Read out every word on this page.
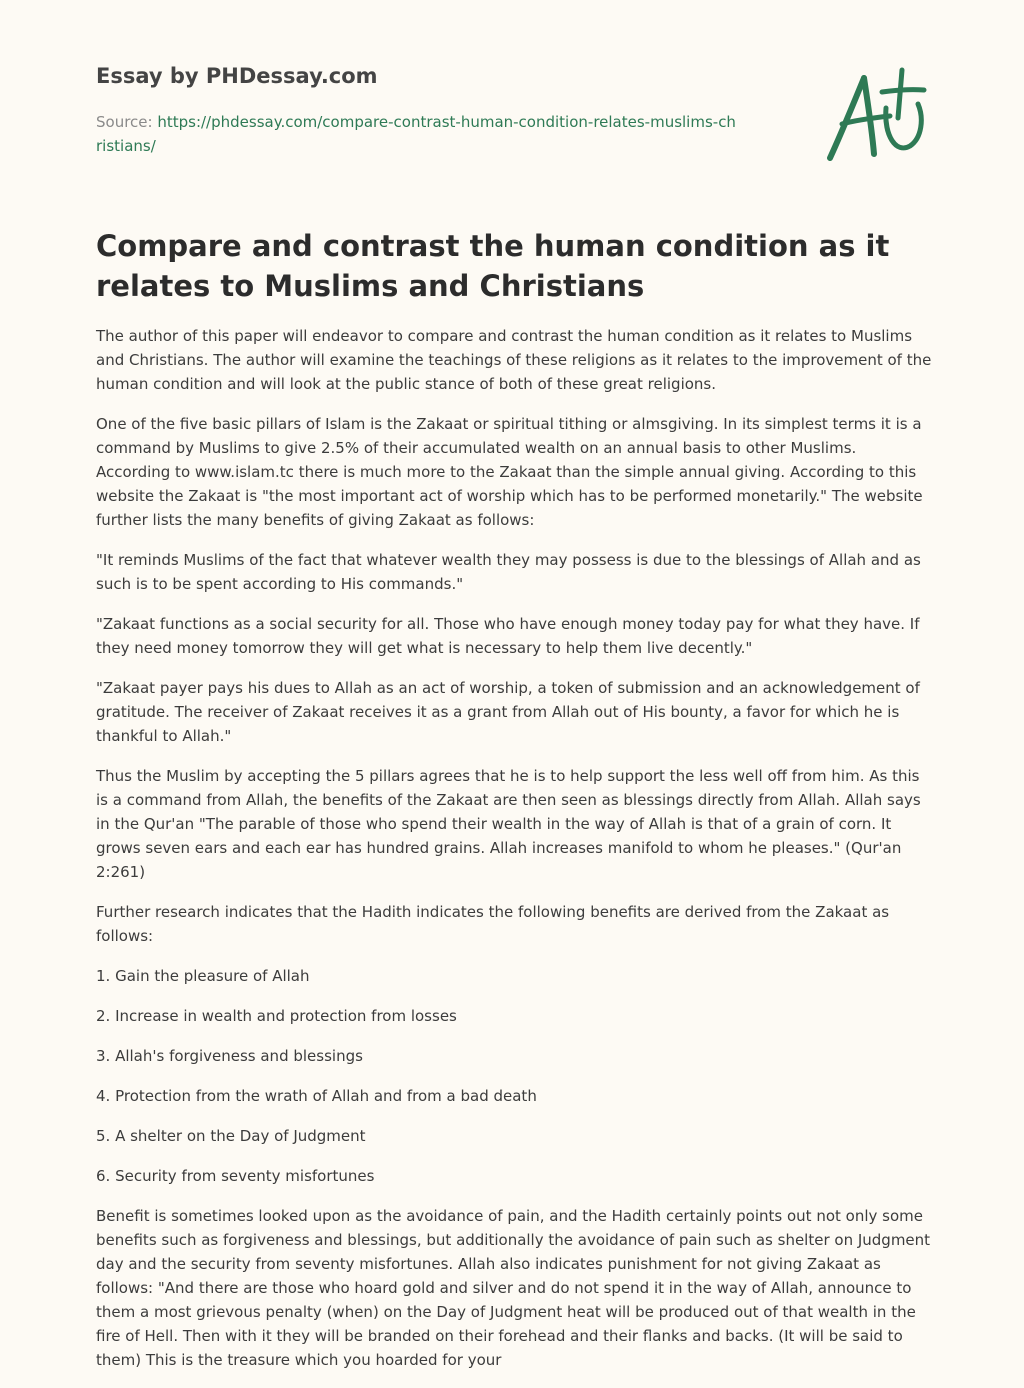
Essay by PHDessay.com

Source: https://phdessay.com/compare-contrast-human-condition-relates-muslims-christians/

Compare and contrast the human condition as it relates to Muslims and Christians

The author of this paper will endeavor to compare and contrast the human condition as it relates to Muslims and Christians. The author will examine the teachings of these religions as it relates to the improvement of the human condition and will look at the public stance of both of these great religions.

One of the five basic pillars of Islam is the Zakaat or spiritual tithing or almsgiving. In its simplest terms it is a command by Muslims to give 2.5% of their accumulated wealth on an annual basis to other Muslims. According to www.islam.tc there is much more to the Zakaat than the simple annual giving. According to this website the Zakaat is "the most important act of worship which has to be performed monetarily." The website further lists the many benefits of giving Zakaat as follows:

"It reminds Muslims of the fact that whatever wealth they may possess is due to the blessings of Allah and as such is to be spent according to His commands."

"Zakaat functions as a social security for all. Those who have enough money today pay for what they have. If they need money tomorrow they will get what is necessary to help them live decently."

"Zakaat payer pays his dues to Allah as an act of worship, a token of submission and an acknowledgement of gratitude. The receiver of Zakaat receives it as a grant from Allah out of His bounty, a favor for which he is thankful to Allah."

Thus the Muslim by accepting the 5 pillars agrees that he is to help support the less well off from him. As this is a command from Allah, the benefits of the Zakaat are then seen as blessings directly from Allah. Allah says in the Qur'an "The parable of those who spend their wealth in the way of Allah is that of a grain of corn. It grows seven ears and each ear has hundred grains. Allah increases manifold to whom he pleases." (Qur'an 2:261)

Further research indicates that the Hadith indicates the following benefits are derived from the Zakaat as follows:

1. Gain the pleasure of Allah

2. Increase in wealth and protection from losses

3. Allah's forgiveness and blessings

4. Protection from the wrath of Allah and from a bad death

5. A shelter on the Day of Judgment

6. Security from seventy misfortunes

Benefit is sometimes looked upon as the avoidance of pain, and the Hadith certainly points out not only some benefits such as forgiveness and blessings, but additionally the avoidance of pain such as shelter on Judgment day and the security from seventy misfortunes. Allah also indicates punishment for not giving Zakaat as follows: "And there are those who hoard gold and silver and do not spend it in the way of Allah, announce to them a most grievous penalty (when) on the Day of Judgment heat will be produced out of that wealth in the fire of Hell. Then with it they will be branded on their forehead and their flanks and backs. (It will be said to them) This is the treasure which you hoarded for your
